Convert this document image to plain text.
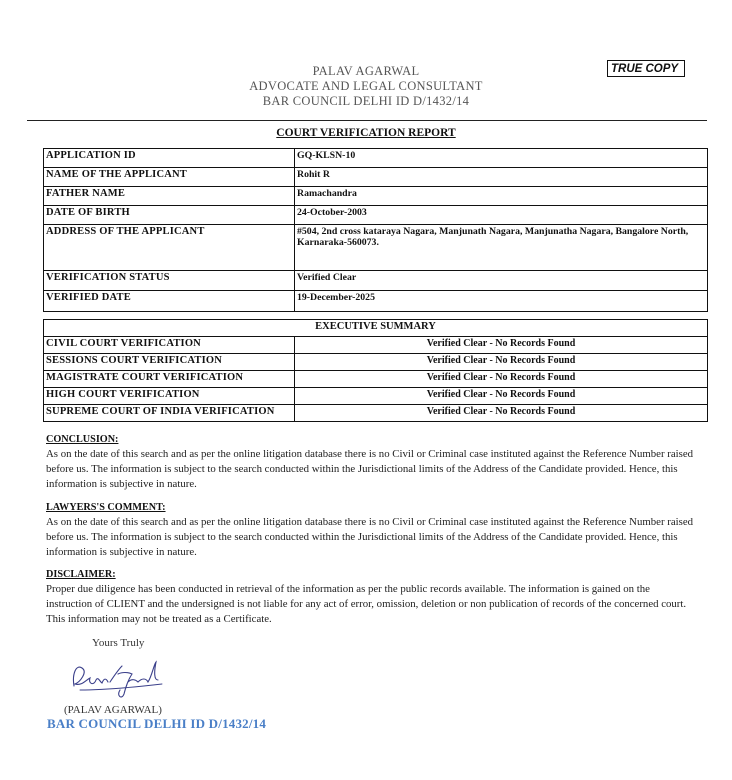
PALAV AGARWAL
ADVOCATE AND LEGAL CONSULTANT
BAR COUNCIL DELHI ID D/1432/14
TRUE COPY
COURT VERIFICATION REPORT
APPLICATION ID	GQ-KLSN-10
NAME OF THE APPLICANT	Rohit R
FATHER NAME	Ramachandra
DATE OF BIRTH	24-October-2003
ADDRESS OF THE APPLICANT	#504, 2nd cross kataraya Nagara, Manjunath Nagara, Manjunatha Nagara, Bangalore North, Karnaraka-560073.
VERIFICATION STATUS	Verified Clear
VERIFIED DATE	19-December-2025
EXECUTIVE SUMMARY	
CIVIL COURT VERIFICATION	Verified Clear - No Records Found
SESSIONS COURT VERIFICATION	Verified Clear - No Records Found
MAGISTRATE COURT VERIFICATION	Verified Clear - No Records Found
HIGH COURT VERIFICATION	Verified Clear - No Records Found
SUPREME COURT OF INDIA VERIFICATION	Verified Clear - No Records Found
CONCLUSION:
As on the date of this search and as per the online litigation database there is no Civil or Criminal case instituted against the Reference Number raised before us. The information is subject to the search conducted within the Jurisdictional limits of the Address of the Candidate provided. Hence, this information is subjective in nature.
LAWYERS'S COMMENT:
As on the date of this search and as per the online litigation database there is no Civil or Criminal case instituted against the Reference Number raised before us. The information is subject to the search conducted within the Jurisdictional limits of the Address of the Candidate provided. Hence, this information is subjective in nature.
DISCLAIMER:
Proper due diligence has been conducted in retrieval of the information as per the public records available. The information is gained on the instruction of CLIENT and the undersigned is not liable for any act of error, omission, deletion or non publication of records of the concerned court. This information may not be treated as a Certificate.
Yours Truly
(PALAV AGARWAL)
BAR COUNCIL DELHI ID D/1432/14
